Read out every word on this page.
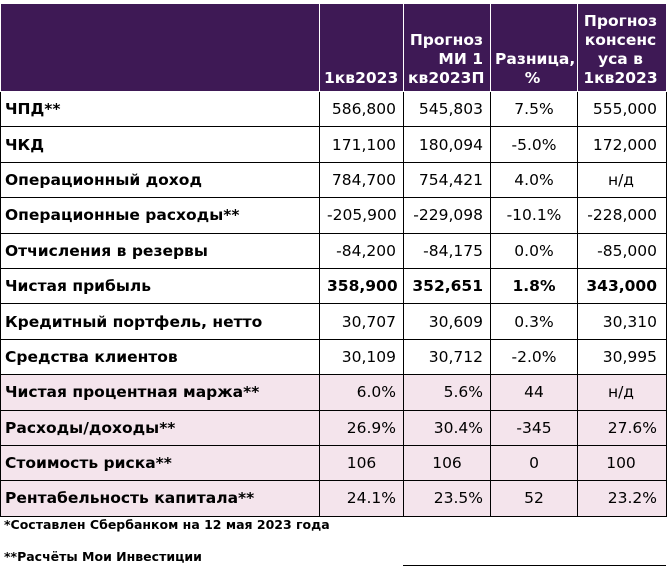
	1кв2023	Прогноз МИ 1 кв2023П	Разница, %	Прогноз консенс уса в 1кв2023
ЧПД**	586,800	545,803	7.5%	555,000
ЧКД	171,100	180,094	-5.0%	172,000
Операционный доход	784,700	754,421	4.0%	н/д
Операционные расходы**	-205,900	-229,098	-10.1%	-228,000
Отчисления в резервы	-84,200	-84,175	0.0%	-85,000
Чистая прибыль	358,900	352,651	1.8%	343,000
Кредитный портфель, нетто	30,707	30,609	0.3%	30,310
Средства клиентов	30,109	30,712	-2.0%	30,995
Чистая процентная маржа**	6.0%	5.6%	44	н/д
Расходы/доходы**	26.9%	30.4%	-345	27.6%
Стоимость риска**	106	106	0	100
Рентабельность капитала**	24.1%	23.5%	52	23.2%
*Составлен Сбербанком на 12 мая 2023 года
**Расчёты Мои Инвестиции
